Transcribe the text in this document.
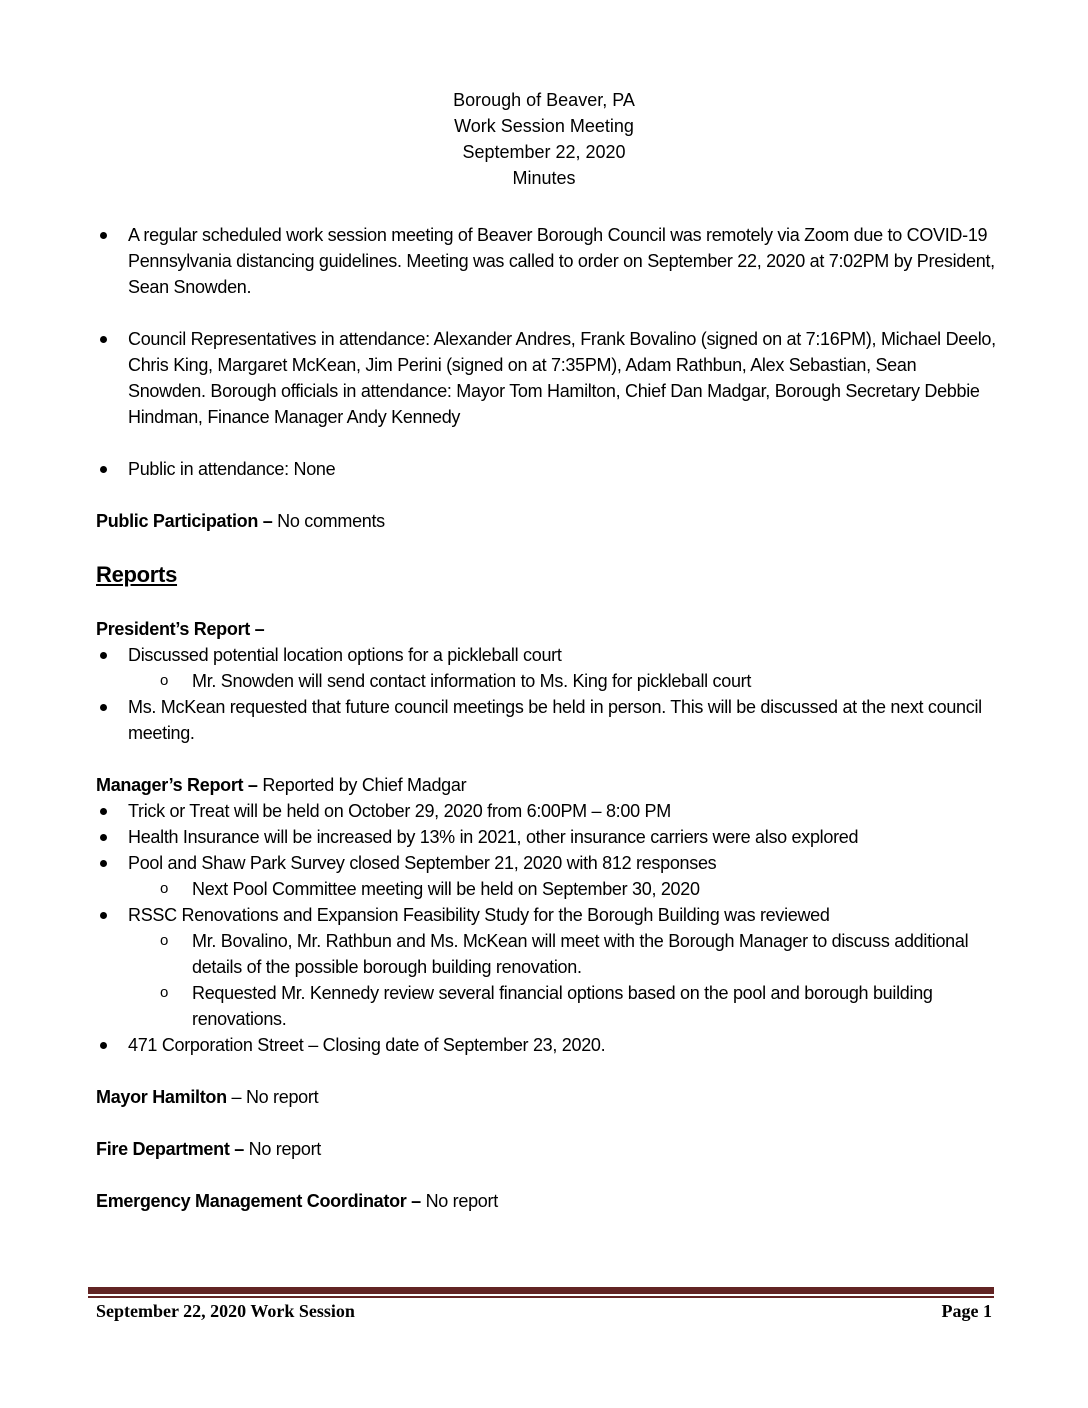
Borough of Beaver, PA
Work Session Meeting
September 22, 2020
Minutes
A regular scheduled work session meeting of Beaver Borough Council was remotely via Zoom due to COVID-19 Pennsylvania distancing guidelines. Meeting was called to order on September 22, 2020 at 7:02PM by President, Sean Snowden.
Council Representatives in attendance: Alexander Andres, Frank Bovalino (signed on at 7:16PM), Michael Deelo, Chris King, Margaret McKean, Jim Perini (signed on at 7:35PM), Adam Rathbun, Alex Sebastian, Sean Snowden. Borough officials in attendance: Mayor Tom Hamilton, Chief Dan Madgar, Borough Secretary Debbie Hindman, Finance Manager Andy Kennedy
Public in attendance: None
Public Participation – No comments
Reports
President’s Report –
Discussed potential location options for a pickleball court
o Mr. Snowden will send contact information to Ms. King for pickleball court
Ms. McKean requested that future council meetings be held in person. This will be discussed at the next council meeting.
Manager’s Report – Reported by Chief Madgar
Trick or Treat will be held on October 29, 2020 from 6:00PM – 8:00 PM
Health Insurance will be increased by 13% in 2021, other insurance carriers were also explored
Pool and Shaw Park Survey closed September 21, 2020 with 812 responses
o Next Pool Committee meeting will be held on September 30, 2020
RSSC Renovations and Expansion Feasibility Study for the Borough Building was reviewed
o Mr. Bovalino, Mr. Rathbun and Ms. McKean will meet with the Borough Manager to discuss additional details of the possible borough building renovation.
o Requested Mr. Kennedy review several financial options based on the pool and borough building renovations.
471 Corporation Street – Closing date of September 23, 2020.
Mayor Hamilton – No report
Fire Department – No report
Emergency Management Coordinator – No report
September 22, 2020 Work Session	Page 1
